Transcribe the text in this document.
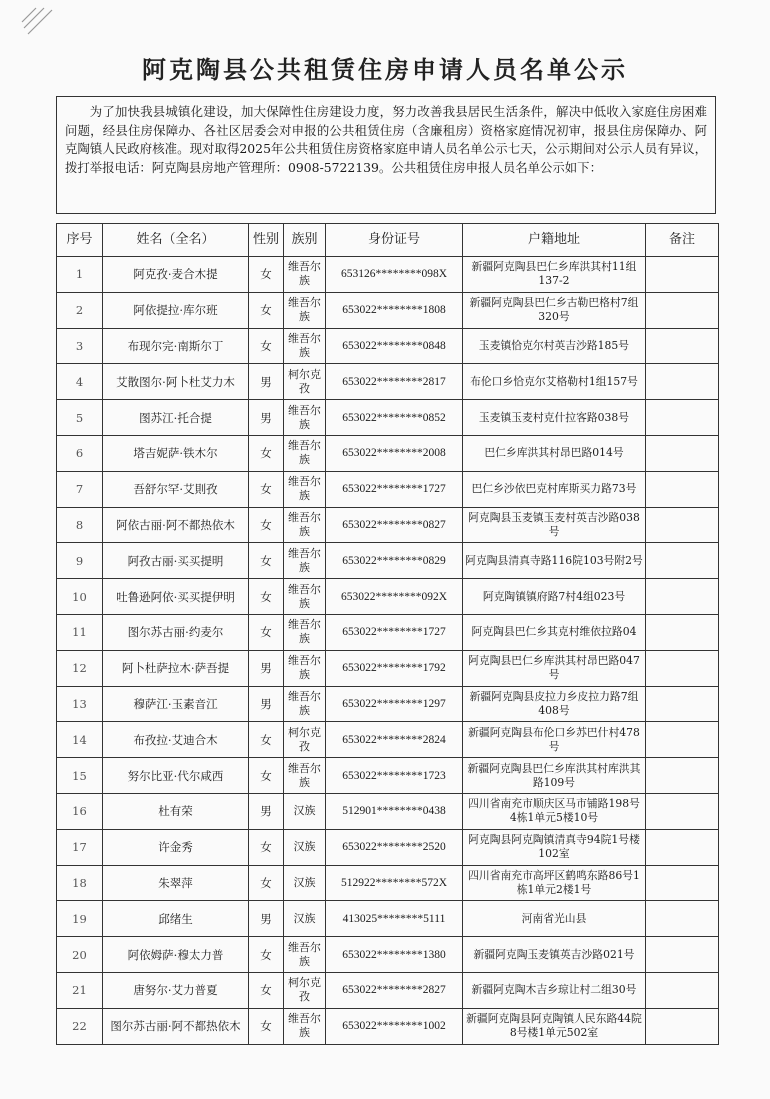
阿克陶县公共租赁住房申请人员名单公示
为了加快我县城镇化建设，加大保障性住房建设力度，努力改善我县居民生活条件，解决中低收入家庭住房困难问题，经县住房保障办、各社区居委会对申报的公共租赁住房（含廉租房）资格家庭情况初审，报县住房保障办、阿克陶镇人民政府核准。现对取得2025年公共租赁住房资格家庭申请人员名单公示七天，公示期间对公示人员有异议，拨打举报电话：阿克陶县房地产管理所：0908-5722139。公共租赁住房申报人员名单公示如下：
序号	姓名（全名）	性别	族别	身份证号	户籍地址	备注
1	阿克孜·麦合木提	女	维吾尔族	653126********098X	新疆阿克陶县巴仁乡库洪其村11组137-2	
2	阿依提拉·库尔班	女	维吾尔族	653022********1808	新疆阿克陶县巴仁乡古勒巴格村7组320号	
3	布现尔完·南斯尔丁	女	维吾尔族	653022********0848	玉麦镇恰克尔村英吉沙路185号	
4	艾散图尔·阿卜杜艾力木	男	柯尔克孜	653022********2817	布伦口乡恰克尔艾格勒村1组157号	
5	图苏江·托合提	男	维吾尔族	653022********0852	玉麦镇玉麦村克什拉客路038号	
6	塔吉妮萨·铁木尔	女	维吾尔族	653022********2008	巴仁乡库洪其村昂巴路014号	
7	吾舒尔罕·艾則孜	女	维吾尔族	653022********1727	巴仁乡沙依巴克村库斯买力路73号	
8	阿依古丽·阿不都热依木	女	维吾尔族	653022********0827	阿克陶县玉麦镇玉麦村英吉沙路038号	
9	阿孜古丽·买买提明	女	维吾尔族	653022********0829	阿克陶县清真寺路116院103号附2号	
10	吐鲁逊阿依·买买提伊明	女	维吾尔族	653022********092X	阿克陶镇镇府路7村4组023号	
11	图尔苏古丽·约麦尔	女	维吾尔族	653022********1727	阿克陶县巴仁乡其克村维依拉路04	
12	阿卜杜萨拉木·萨吾提	男	维吾尔族	653022********1792	阿克陶县巴仁乡库洪其村昂巴路047号	
13	穆萨江·玉素音江	男	维吾尔族	653022********1297	新疆阿克陶县皮拉力乡皮拉力路7组408号	
14	布孜拉·艾迪合木	女	柯尔克孜	653022********2824	新疆阿克陶县布伦口乡苏巴什村478号	
15	努尔比亚·代尔咸西	女	维吾尔族	653022********1723	新疆阿克陶县巴仁乡库洪其村库洪其路109号	
16	杜有荣	男	汉族	512901********0438	四川省南充市顺庆区马市铺路198号4栋1单元5楼10号	
17	许金秀	女	汉族	653022********2520	阿克陶县阿克陶镇清真寺94院1号楼102室	
18	朱翠萍	女	汉族	512922********572X	四川省南充市高坪区鹤鸣东路86号1栋1单元2楼1号	
19	邱绪生	男	汉族	413025********5111	河南省光山县	
20	阿依姆萨·穆太力普	女	维吾尔族	653022********1380	新疆阿克陶玉麦镇英吉沙路021号	
21	唐努尔·艾力普夏	女	柯尔克孜	653022********2827	新疆阿克陶木吉乡琼让村二组30号	
22	图尔苏古丽·阿不都热依木	女	维吾尔族	653022********1002	新疆阿克陶县阿克陶镇人民东路44院8号楼1单元502室	
